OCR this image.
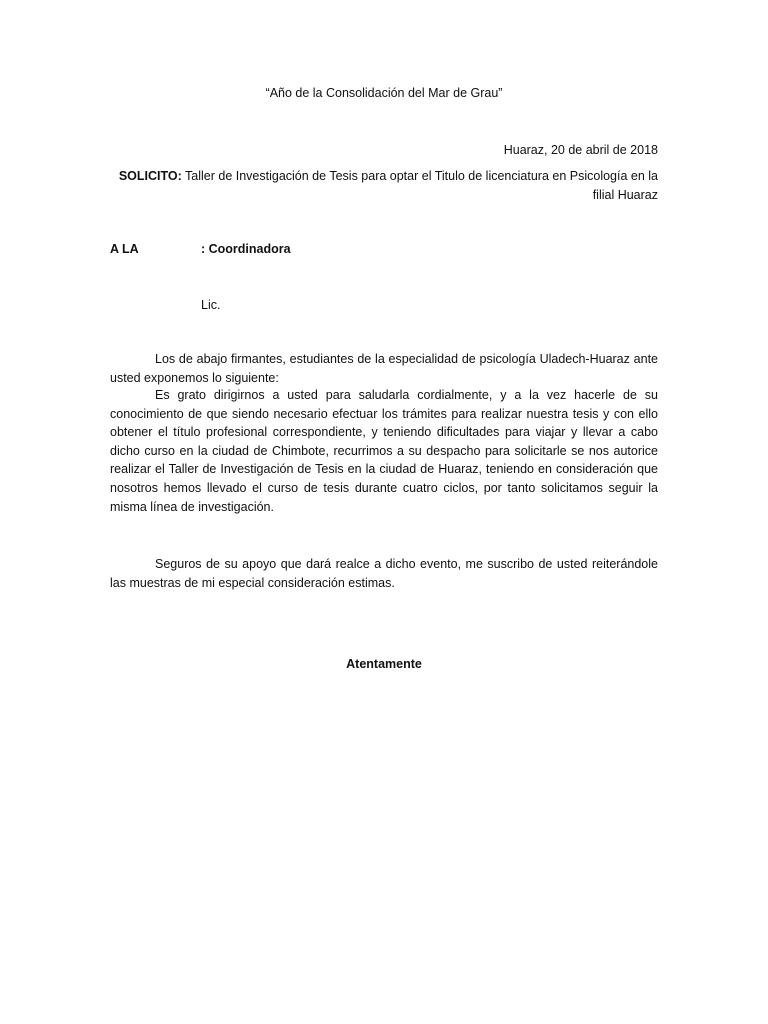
“Año de la Consolidación del Mar de Grau”
Huaraz, 20 de abril de 2018
SOLICITO: Taller de Investigación de Tesis para optar el Titulo de licenciatura en Psicología en la filial Huaraz
A LA	: Coordinadora
Lic.
Los de abajo firmantes, estudiantes de la especialidad de psicología Uladech-Huaraz ante usted exponemos lo siguiente:
Es grato dirigirnos a usted para saludarla cordialmente, y a la vez hacerle de su conocimiento de que siendo necesario efectuar los trámites para realizar nuestra tesis y con ello obtener el título profesional correspondiente, y teniendo dificultades para viajar y llevar a cabo dicho curso en la ciudad de Chimbote, recurrimos a su despacho para solicitarle se nos autorice realizar el Taller de Investigación de Tesis en la ciudad de Huaraz, teniendo en consideración que nosotros hemos llevado el curso de tesis durante cuatro ciclos, por tanto solicitamos seguir la misma línea de investigación.
Seguros de su apoyo que dará realce a dicho evento, me suscribo de usted reiterándole las muestras de mi especial consideración estimas.
Atentamente
